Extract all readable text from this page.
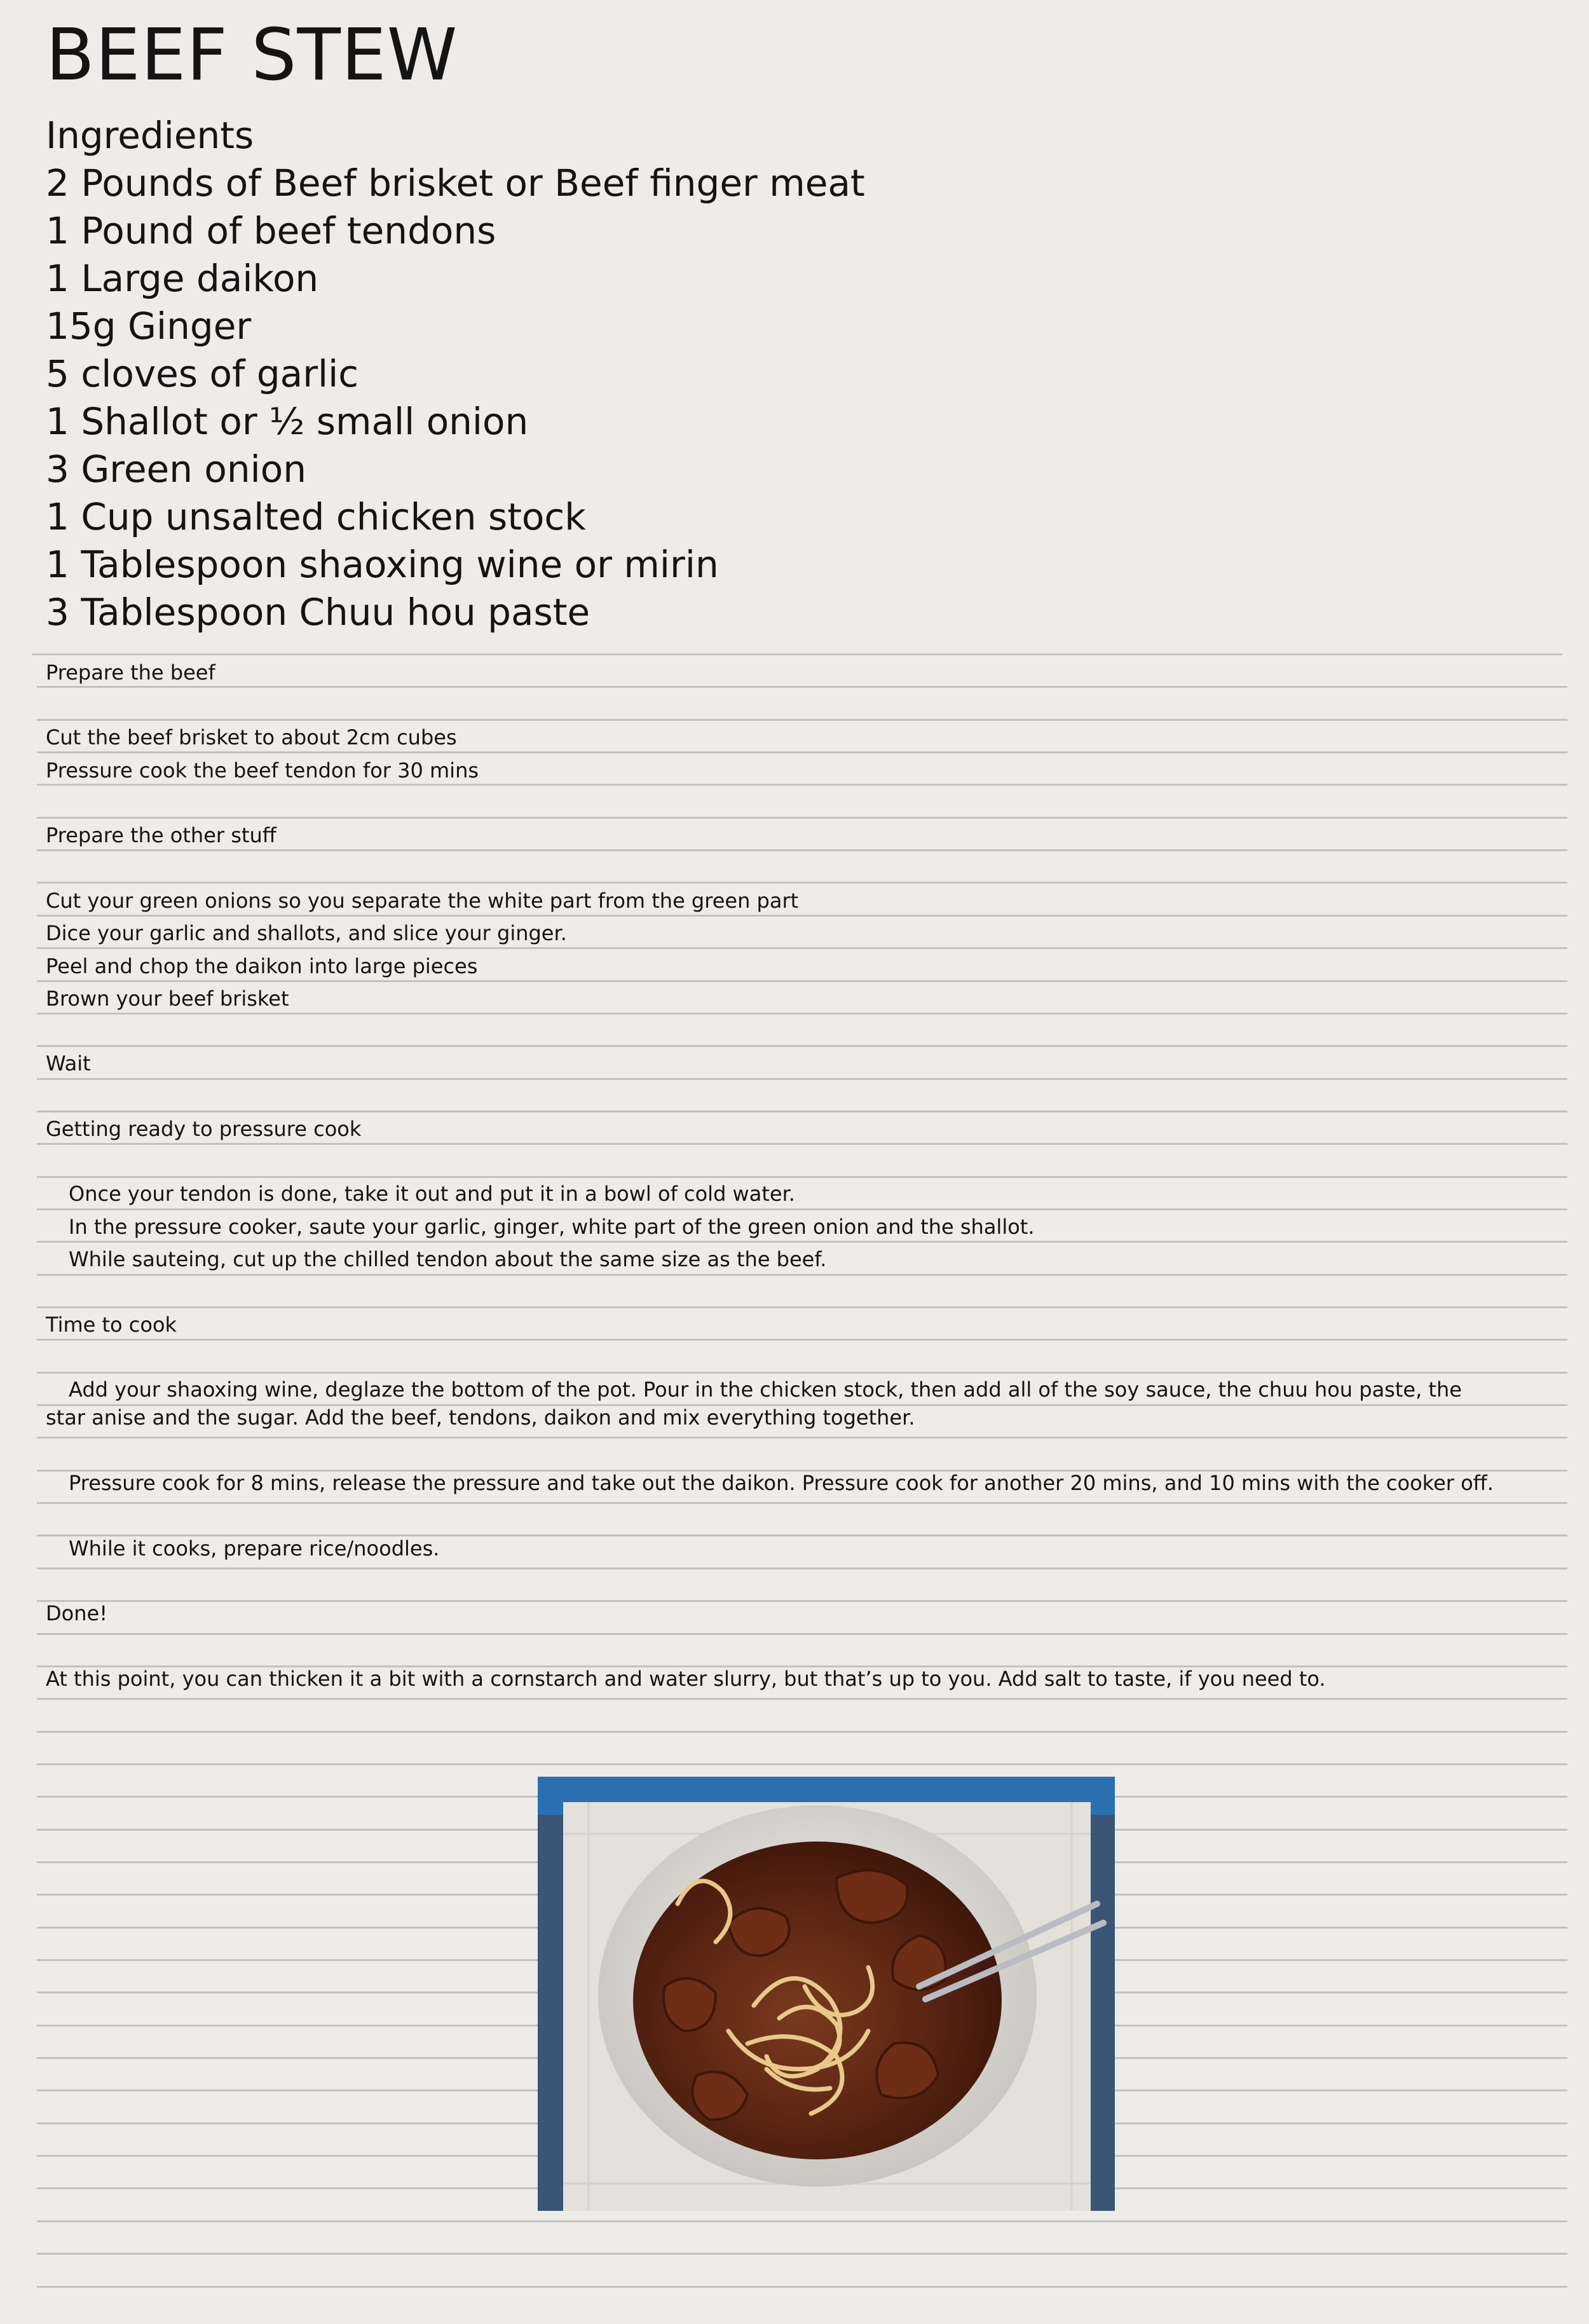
BEEF STEW
Ingredients
2 Pounds of Beef brisket or Beef finger meat
1 Pound of beef tendons
1 Large daikon
15g Ginger
5 cloves of garlic
1 Shallot or ½ small onion
3 Green onion
1 Cup unsalted chicken stock
1 Tablespoon shaoxing wine or mirin
3 Tablespoon Chuu hou paste
Prepare the beef
Cut the beef brisket to about 2cm cubes
Pressure cook the beef tendon for 30 mins
Prepare the other stuff
Cut your green onions so you separate the white part from the green part
Dice your garlic and shallots, and slice your ginger.
Peel and chop the daikon into large pieces
Brown your beef brisket
Wait
Getting ready to pressure cook
Once your tendon is done, take it out and put it in a bowl of cold water.
In the pressure cooker, saute your garlic, ginger, white part of the green onion and the shallot.
While sauteing, cut up the chilled tendon about the same size as the beef.
Time to cook
Add your shaoxing wine, deglaze the bottom of the pot. Pour in the chicken stock, then add all of the soy sauce, the chuu hou paste, the star anise and the sugar. Add the beef, tendons, daikon and mix everything together.
Pressure cook for 8 mins, release the pressure and take out the daikon. Pressure cook for another 20 mins, and 10 mins with the cooker off.
While it cooks, prepare rice/noodles.
Done!
At this point, you can thicken it a bit with a cornstarch and water slurry, but that’s up to you. Add salt to taste, if you need to.
